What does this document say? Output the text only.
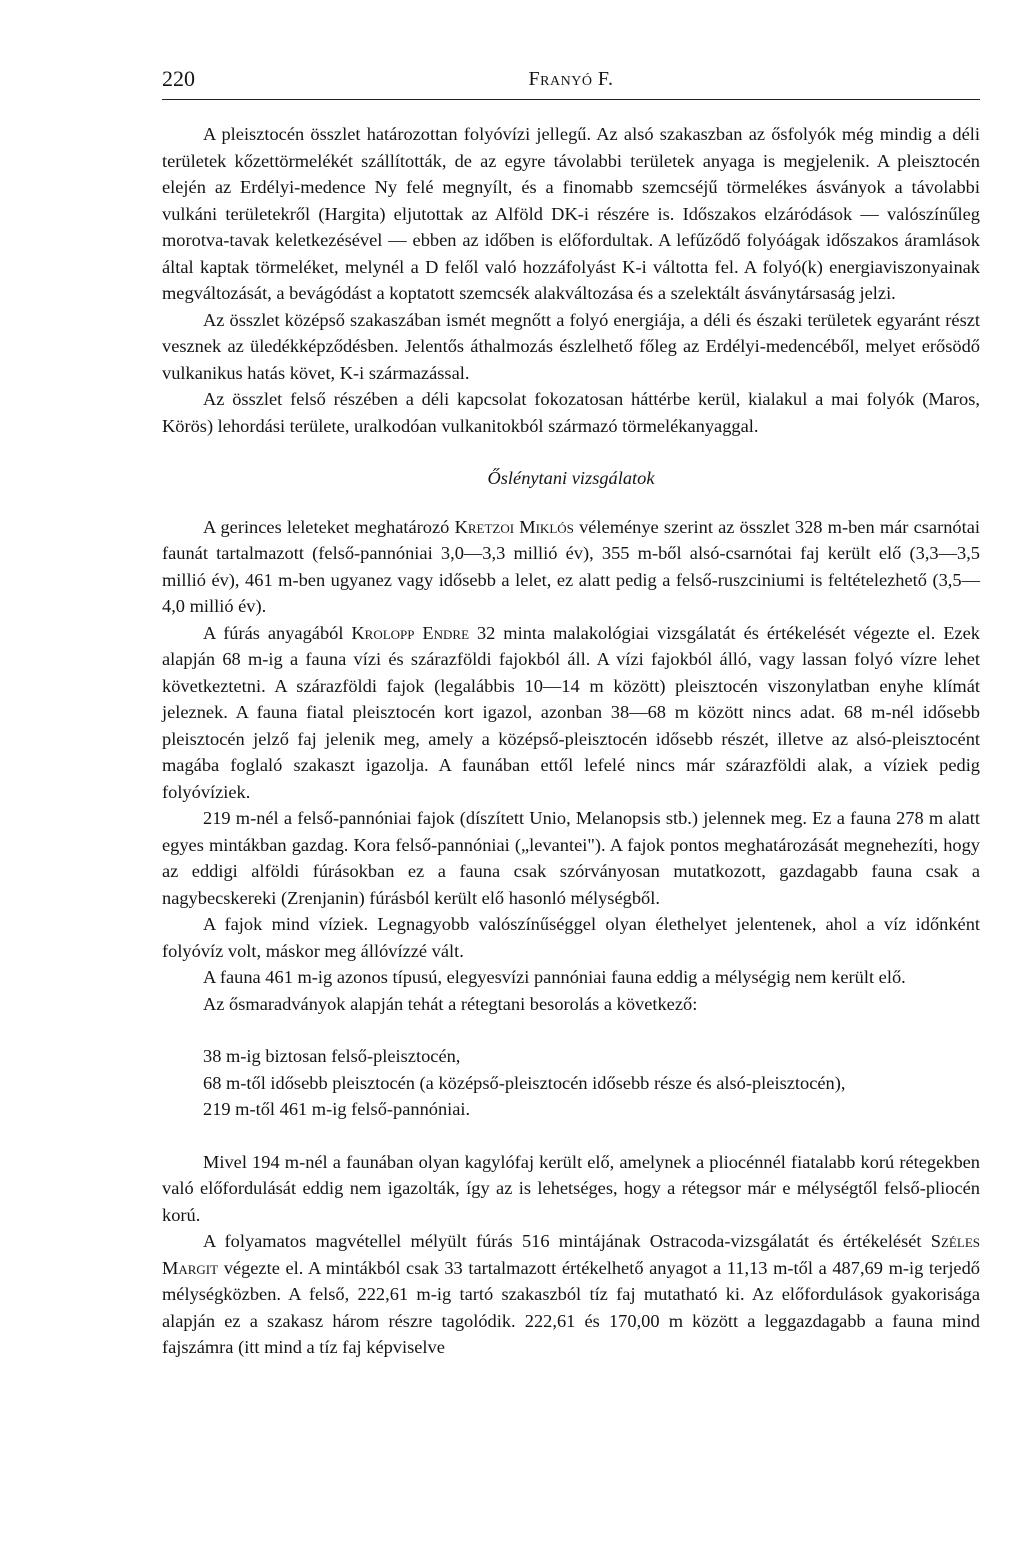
220	Franyó F.

A pleisztocén összlet határozottan folyóvízi jellegű. Az alsó szakaszban az ősfolyók még mindig a déli területek kőzettörmelékét szállították, de az egyre távolabbi területek anyaga is megjelenik. A pleisztocén elején az Erdélyi-medence Ny felé megnyílt, és a finomabb szemcséjű törmelékes ásványok a távolabbi vulkáni területekről (Hargita) eljutottak az Alföld DK-i részére is. Időszakos elzáródások — valószínűleg morotva-tavak keletkezésével — ebben az időben is előfordultak. A lefűződő folyóágak időszakos áramlások által kaptak törmeléket, melynél a D felől való hozzáfolyást K-i váltotta fel. A folyó(k) energiaviszonyainak megváltozását, a bevágódást a koptatott szemcsék alakváltozása és a szelektált ásványtársaság jelzi.

Az összlet középső szakaszában ismét megnőtt a folyó energiája, a déli és északi területek egyaránt részt vesznek az üledékképződésben. Jelentős áthalmozás észlelhető főleg az Erdélyi-medencéből, melyet erősödő vulkanikus hatás követ, K-i származással.

Az összlet felső részében a déli kapcsolat fokozatosan háttérbe kerül, kialakul a mai folyók (Maros, Körös) lehordási területe, uralkodóan vulkanitokból származó törmelékanyaggal.

Őslénytani vizsgálatok

A gerinces leleteket meghatározó Kretzoi Miklós véleménye szerint az összlet 328 m-ben már csarnótai faunát tartalmazott (felső-pannóniai 3,0—3,3 millió év), 355 m-ből alsó-csarnótai faj került elő (3,3—3,5 millió év), 461 m-ben ugyanez vagy idősebb a lelet, ez alatt pedig a felső-ruszciniumi is feltételezhető (3,5—4,0 millió év).

A fúrás anyagából Krolopp Endre 32 minta malakológiai vizsgálatát és értékelését végezte el. Ezek alapján 68 m-ig a fauna vízi és szárazföldi fajokból áll. A vízi fajokból álló, vagy lassan folyó vízre lehet következtetni. A szárazföldi fajok (legalábbis 10—14 m között) pleisztocén viszonylatban enyhe klímát jeleznek. A fauna fiatal pleisztocén kort igazol, azonban 38—68 m között nincs adat. 68 m-nél idősebb pleisztocén jelző faj jelenik meg, amely a középső-pleisztocén idősebb részét, illetve az alsó-pleisztocént magába foglaló szakaszt igazolja. A faunában ettől lefelé nincs már szárazföldi alak, a víziek pedig folyóvíziek.

219 m-nél a felső-pannóniai fajok (díszített Unio, Melanopsis stb.) jelennek meg. Ez a fauna 278 m alatt egyes mintákban gazdag. Kora felső-pannóniai („levantei"). A fajok pontos meghatározását megnehezíti, hogy az eddigi alföldi fúrásokban ez a fauna csak szórványosan mutatkozott, gazdagabb fauna csak a nagybecskereki (Zrenjanin) fúrásból került elő hasonló mélységből.

A fajok mind víziek. Legnagyobb valószínűséggel olyan élethelyet jelentenek, ahol a víz időnként folyóvíz volt, máskor meg állóvízzé vált.

A fauna 461 m-ig azonos típusú, elegyesvízi pannóniai fauna eddig a mélységig nem került elő.

Az ősmaradványok alapján tehát a rétegtani besorolás a következő:

38 m-ig biztosan felső-pleisztocén,
68 m-től idősebb pleisztocén (a középső-pleisztocén idősebb része és alsó-pleisztocén),
219 m-től 461 m-ig felső-pannóniai.

Mivel 194 m-nél a faunában olyan kagylófaj került elő, amelynek a pliocénnél fiatalabb korú rétegekben való előfordulását eddig nem igazolták, így az is lehetséges, hogy a rétegsor már e mélységtől felső-pliocén korú.

A folyamatos magvétellel mélyült fúrás 516 mintájának Ostracoda-vizsgálatát és értékelését Széles Margit végezte el. A mintákból csak 33 tartalmazott értékelhető anyagot a 11,13 m-től a 487,69 m-ig terjedő mélységközben. A felső, 222,61 m-ig tartó szakaszból tíz faj mutatható ki. Az előfordulások gyakorisága alapján ez a szakasz három részre tagolódik. 222,61 és 170,00 m között a leggazdagabb a fauna mind fajszámra (itt mind a tíz faj képviselve
